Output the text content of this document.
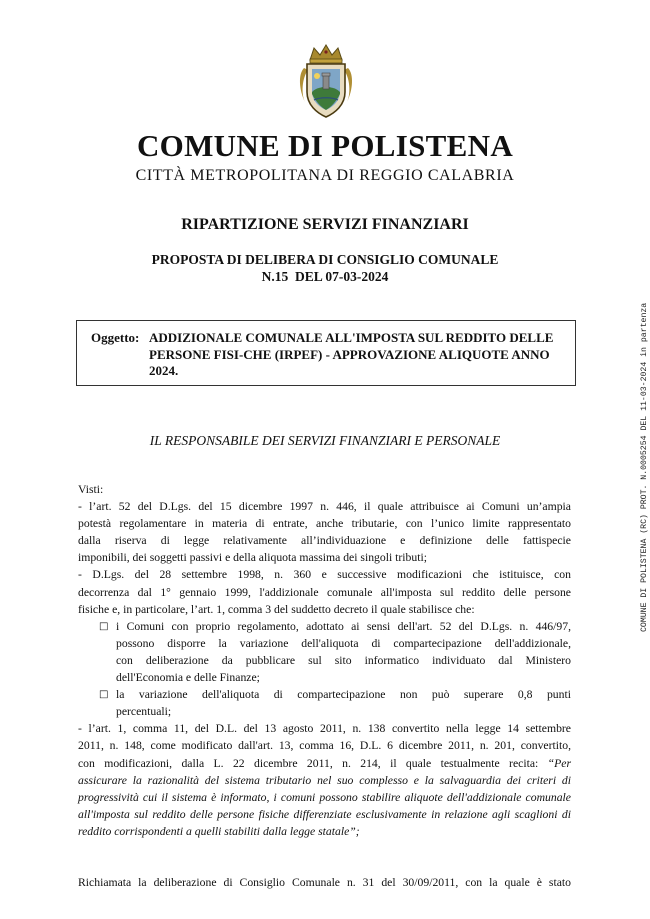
COMUNE DI POLISTENA
CITTÀ METROPOLITANA DI REGGIO CALABRIA
RIPARTIZIONE SERVIZI FINANZIARI
PROPOSTA DI DELIBERA DI CONSIGLIO COMUNALE
N.15  DEL 07-03-2024
Oggetto: ADDIZIONALE COMUNALE ALL'IMPOSTA SUL REDDITO DELLE
PERSONE FISI-CHE (IRPEF) - APPROVAZIONE ALIQUOTE ANNO
2024.
IL RESPONSABILE DEI SERVIZI FINANZIARI E PERSONALE
Visti:
- l’art. 52 del D.Lgs. del 15 dicembre 1997 n. 446, il quale attribuisce ai Comuni un’ampia
potestà regolamentare in materia di entrate, anche tributarie, con l’unico limite rappresentato
dalla riserva di legge relativamente all’individuazione e definizione delle fattispecie
imponibili, dei soggetti passivi e della aliquota massima dei singoli tributi;
- D.Lgs. del 28 settembre 1998, n. 360 e successive modificazioni che istituisce, con
decorrenza dal 1° gennaio 1999, l'addizionale comunale all'imposta sul reddito delle persone
fisiche e, in particolare, l’art. 1, comma 3 del suddetto decreto il quale stabilisce che:
□ i Comuni con proprio regolamento, adottato ai sensi dell'art. 52 del D.Lgs. n. 446/97,
possono disporre la variazione dell'aliquota di compartecipazione dell'addizionale,
con deliberazione da pubblicare sul sito informatico individuato dal Ministero
dell'Economia e delle Finanze;
□ la variazione dell'aliquota di compartecipazione non può superare 0,8 punti
percentuali;
- l’art. 1, comma 11, del D.L. del 13 agosto 2011, n. 138 convertito nella legge 14 settembre
2011, n. 148, come modificato dall'art. 13, comma 16, D.L. 6 dicembre 2011, n. 201, convertito,
con modificazioni, dalla L. 22 dicembre 2011, n. 214, il quale testualmente recita: “Per
assicurare la razionalità del sistema tributario nel suo complesso e la salvaguardia dei criteri di
progressività cui il sistema è informato, i comuni possono stabilire aliquote dell'addizionale comunale
all'imposta sul reddito delle persone fisiche differenziate esclusivamente in relazione agli scaglioni di
reddito corrispondenti a quelli stabiliti dalla legge statale”;
Richiamata la deliberazione di Consiglio Comunale n. 31 del 30/09/2011, con la quale è stato
COMUNE DI POLISTENA (RC) PROT. N.0005254 DEL 11-03-2024 in partenza
